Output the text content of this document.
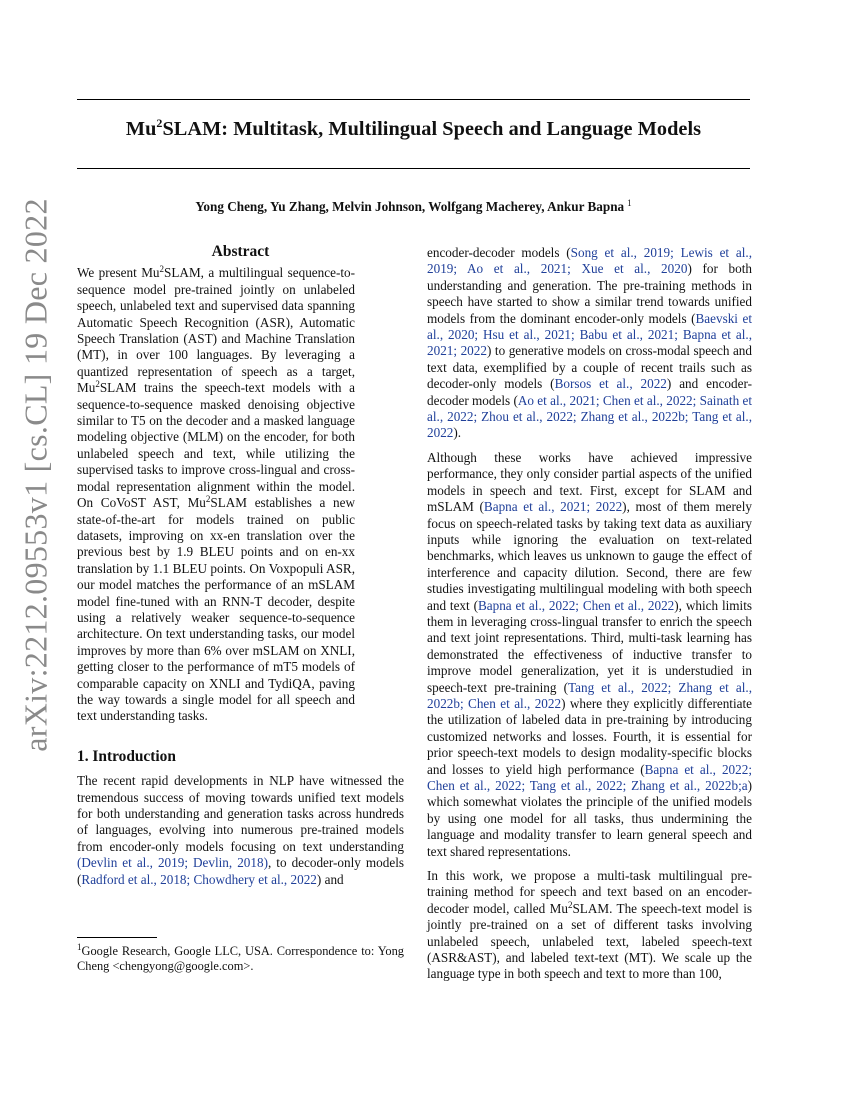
Mu$^2$SLAM: Multitask, Multilingual Speech and Language Models
Yong Cheng, Yu Zhang, Melvin Johnson, Wolfgang Macherey, Ankur Bapna $^1$
arXiv:2212.09553v1 [cs.CL] 19 Dec 2022	Abstract

We present Mu$^2$SLAM, a multilingual sequence-to-sequence model pre-trained jointly on unlabeled speech, unlabeled text and supervised data spanning Automatic Speech Recognition (ASR), Automatic Speech Translation (AST) and Machine Translation (MT), in over 100 languages. By leveraging a quantized representation of speech as a target, Mu$^2$SLAM trains the speech-text models with a sequence-to-sequence masked denoising objective similar to T5 on the decoder and a masked language modeling objective (MLM) on the encoder, for both unlabeled speech and text, while utilizing the supervised tasks to improve cross-lingual and cross-modal representation alignment within the model. On CoVoST AST, Mu$^2$SLAM establishes a new state-of-the-art for models trained on public datasets, improving on xx-en translation over the previous best by 1.9 BLEU points and on en-xx translation by 1.1 BLEU points. On Voxpopuli ASR, our model matches the performance of an mSLAM model fine-tuned with an RNN-T decoder, despite using a relatively weaker sequence-to-sequence architecture. On text understanding tasks, our model improves by more than 6% over mSLAM on XNLI, getting closer to the performance of mT5 models of comparable capacity on XNLI and TydiQA, paving the way towards a single model for all speech and text understanding tasks.

1. Introduction

The recent rapid developments in NLP have witnessed the tremendous success of moving towards unified text models for both understanding and generation tasks across hundreds of languages, evolving into numerous pre-trained models from encoder-only models focusing on text understanding (Devlin et al., 2019; Devlin, 2018), to decoder-only models (Radford et al., 2018; Chowdhery et al., 2022) and

$^1$Google Research, Google LLC, USA. Correspondence to: Yong Cheng <chengyong@google.com>.

encoder-decoder models (Song et al., 2019; Lewis et al., 2019; Ao et al., 2021; Xue et al., 2020) for both understanding and generation. The pre-training methods in speech have started to show a similar trend towards unified models from the dominant encoder-only models (Baevski et al., 2020; Hsu et al., 2021; Babu et al., 2021; Bapna et al., 2021; 2022) to generative models on cross-modal speech and text data, exemplified by a couple of recent trails such as decoder-only models (Borsos et al., 2022) and encoder-decoder models (Ao et al., 2021; Chen et al., 2022; Sainath et al., 2022; Zhou et al., 2022; Zhang et al., 2022b; Tang et al., 2022).

Although these works have achieved impressive performance, they only consider partial aspects of the unified models in speech and text. First, except for SLAM and mSLAM (Bapna et al., 2021; 2022), most of them merely focus on speech-related tasks by taking text data as auxiliary inputs while ignoring the evaluation on text-related benchmarks, which leaves us unknown to gauge the effect of interference and capacity dilution. Second, there are few studies investigating multilingual modeling with both speech and text (Bapna et al., 2022; Chen et al., 2022), which limits them in leveraging cross-lingual transfer to enrich the speech and text joint representations. Third, multi-task learning has demonstrated the effectiveness of inductive transfer to improve model generalization, yet it is understudied in speech-text pre-training (Tang et al., 2022; Zhang et al., 2022b; Chen et al., 2022) where they explicitly differentiate the utilization of labeled data in pre-training by introducing customized networks and losses. Fourth, it is essential for prior speech-text models to design modality-specific blocks and losses to yield high performance (Bapna et al., 2022; Chen et al., 2022; Tang et al., 2022; Zhang et al., 2022b;a) which somewhat violates the principle of the unified models by using one model for all tasks, thus undermining the language and modality transfer to learn general speech and text shared representations.

In this work, we propose a multi-task multilingual pre-training method for speech and text based on an encoder-decoder model, called Mu$^2$SLAM. The speech-text model is jointly pre-trained on a set of different tasks involving unlabeled speech, unlabeled text, labeled speech-text (ASR&AST), and labeled text-text (MT). We scale up the language type in both speech and text to more than 100,
